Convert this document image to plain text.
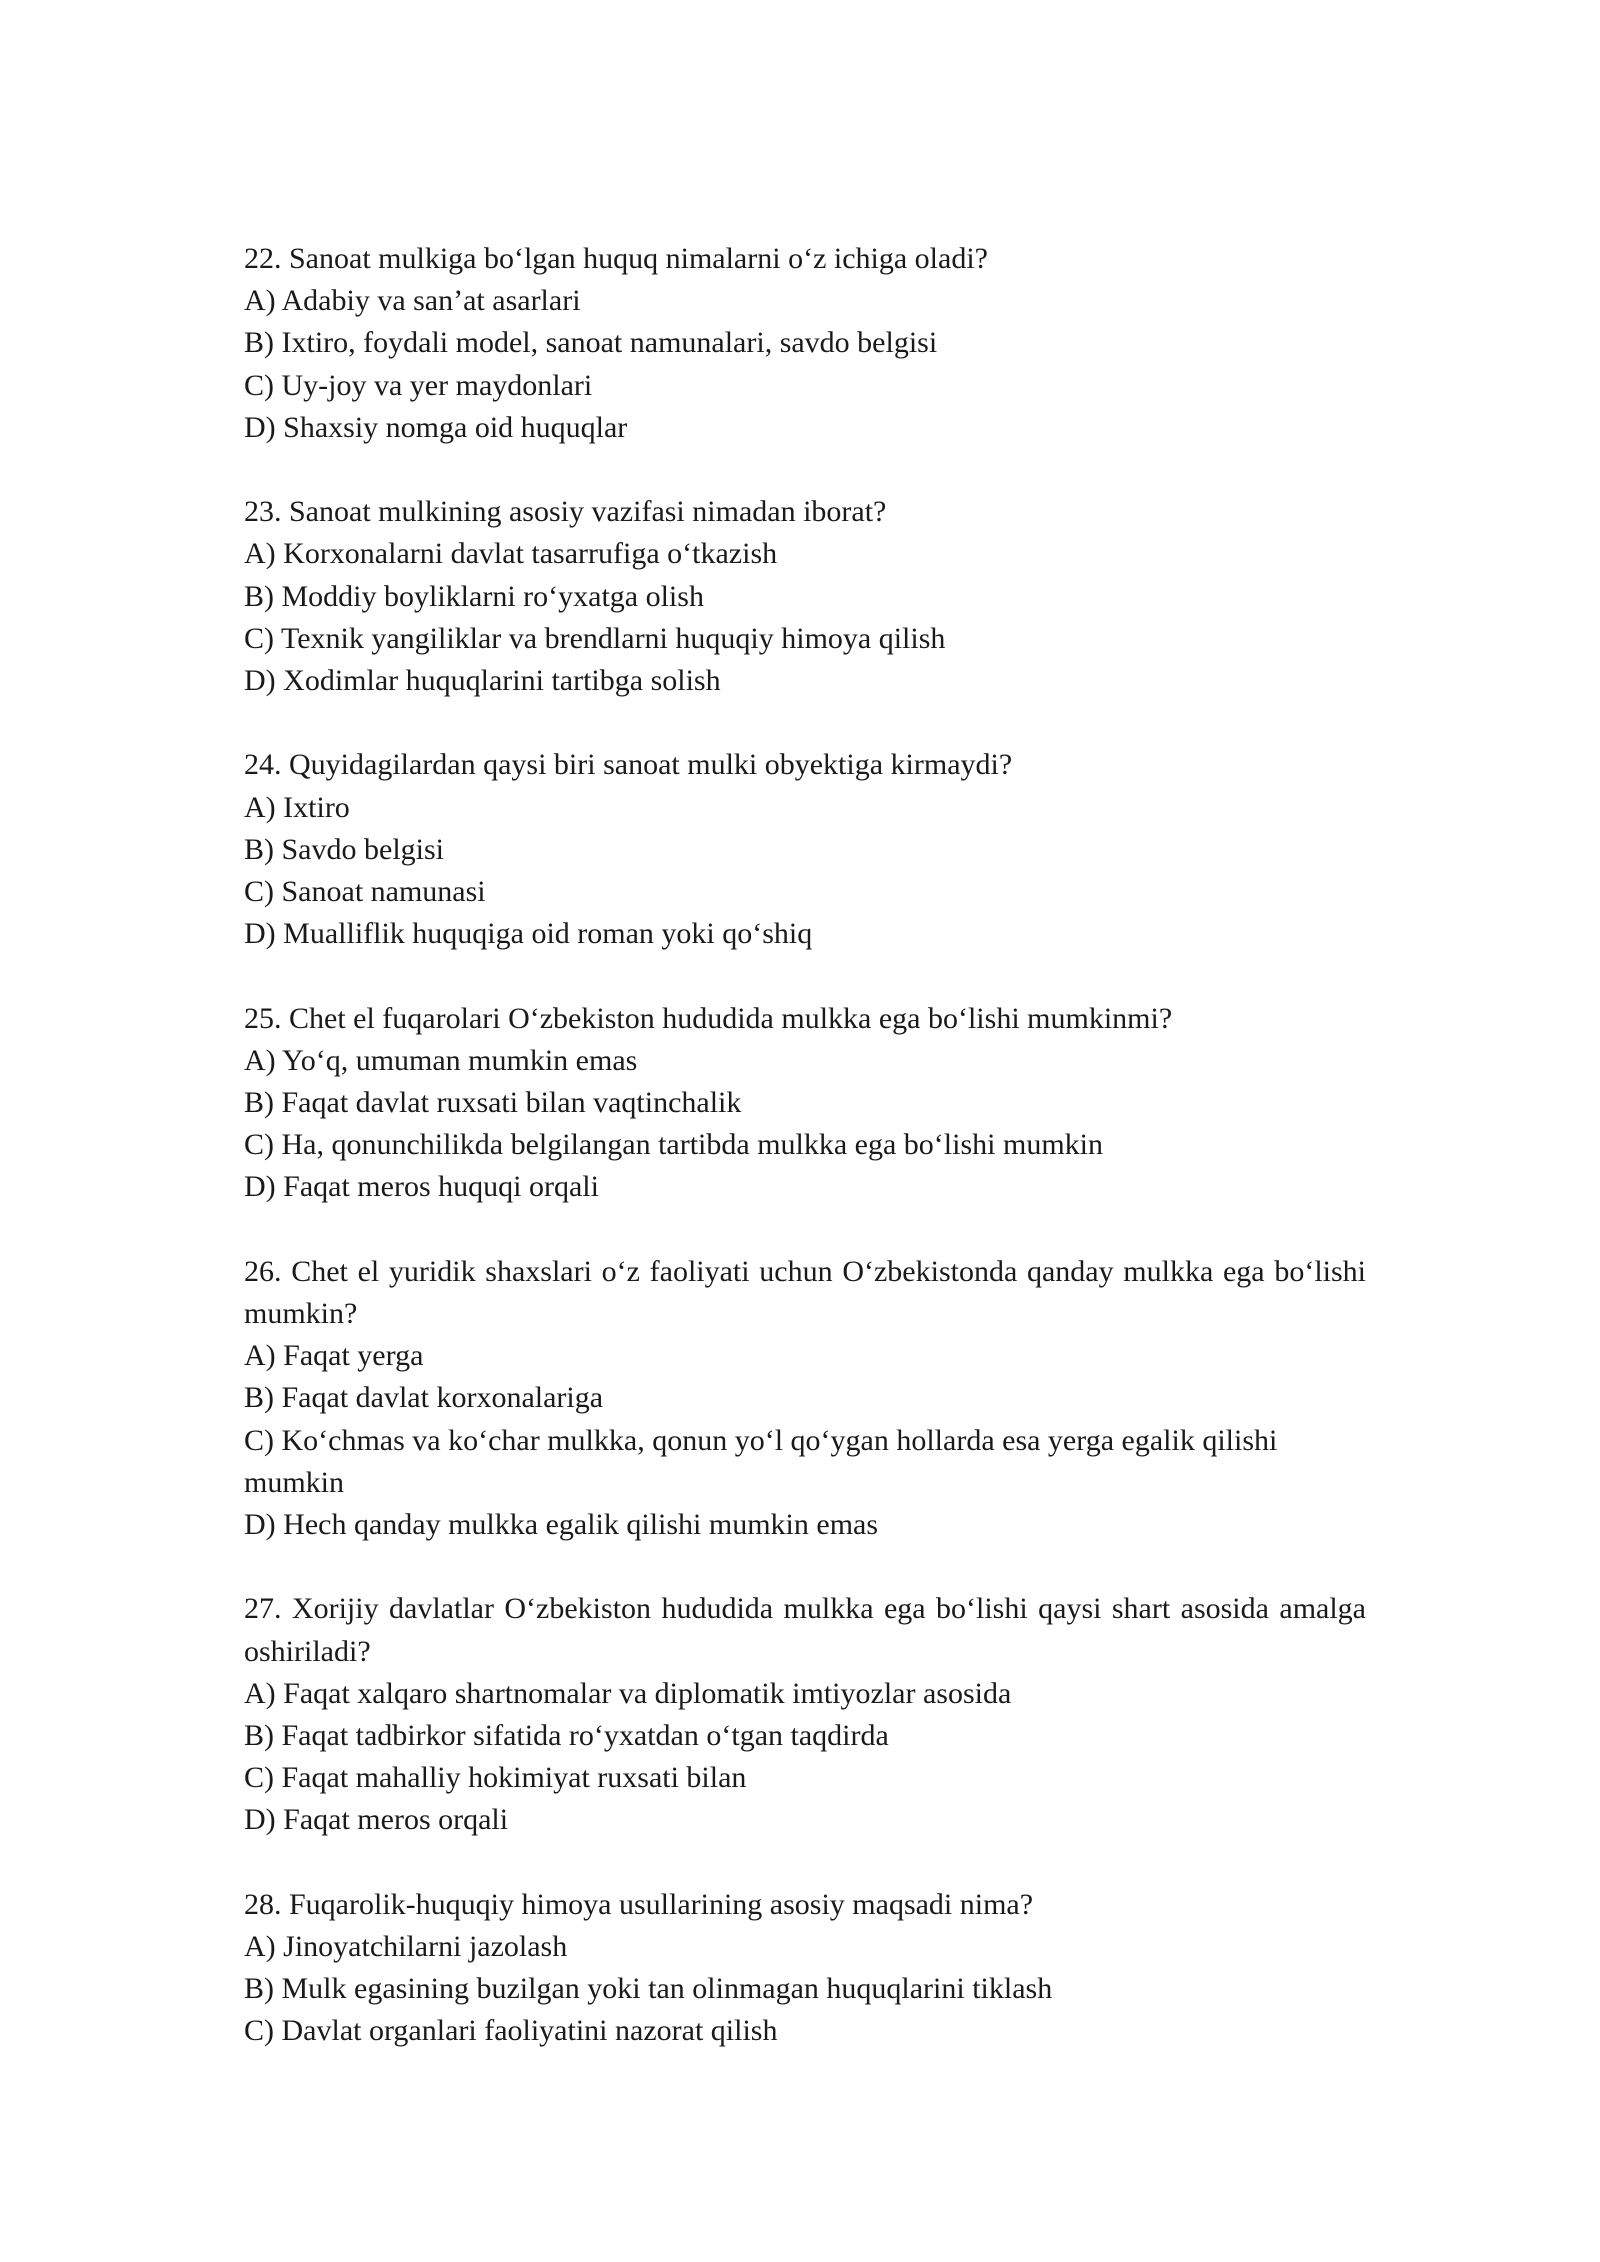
22. Sanoat mulkiga bo‘lgan huquq nimalarni o‘z ichiga oladi?

A) Adabiy va san’at asarlari
B) Ixtiro, foydali model, sanoat namunalari, savdo belgisi
C) Uy-joy va yer maydonlari
D) Shaxsiy nomga oid huquqlar

23. Sanoat mulkining asosiy vazifasi nimadan iborat?

A) Korxonalarni davlat tasarrufiga o‘tkazish
B) Moddiy boyliklarni ro‘yxatga olish
C) Texnik yangiliklar va brendlarni huquqiy himoya qilish
D) Xodimlar huquqlarini tartibga solish

24. Quyidagilardan qaysi biri sanoat mulki obyektiga kirmaydi?

A) Ixtiro
B) Savdo belgisi
C) Sanoat namunasi
D) Mualliflik huquqiga oid roman yoki qo‘shiq

25. Chet el fuqarolari O‘zbekiston hududida mulkka ega bo‘lishi mumkinmi?

A) Yo‘q, umuman mumkin emas
B) Faqat davlat ruxsati bilan vaqtinchalik
C) Ha, qonunchilikda belgilangan tartibda mulkka ega bo‘lishi mumkin
D) Faqat meros huquqi orqali

26. Chet el yuridik shaxslari o‘z faoliyati uchun O‘zbekistonda qanday mulkka ega bo‘lishi mumkin?

A) Faqat yerga
B) Faqat davlat korxonalariga
C) Ko‘chmas va ko‘char mulkka, qonun yo‘l qo‘ygan hollarda esa yerga egalik qilishi mumkin
D) Hech qanday mulkka egalik qilishi mumkin emas

27. Xorijiy davlatlar O‘zbekiston hududida mulkka ega bo‘lishi qaysi shart asosida amalga oshiriladi?

A) Faqat xalqaro shartnomalar va diplomatik imtiyozlar asosida
B) Faqat tadbirkor sifatida ro‘yxatdan o‘tgan taqdirda
C) Faqat mahalliy hokimiyat ruxsati bilan
D) Faqat meros orqali

28. Fuqarolik-huquqiy himoya usullarining asosiy maqsadi nima?

A) Jinoyatchilarni jazolash
B) Mulk egasining buzilgan yoki tan olinmagan huquqlarini tiklash
C) Davlat organlari faoliyatini nazorat qilish
